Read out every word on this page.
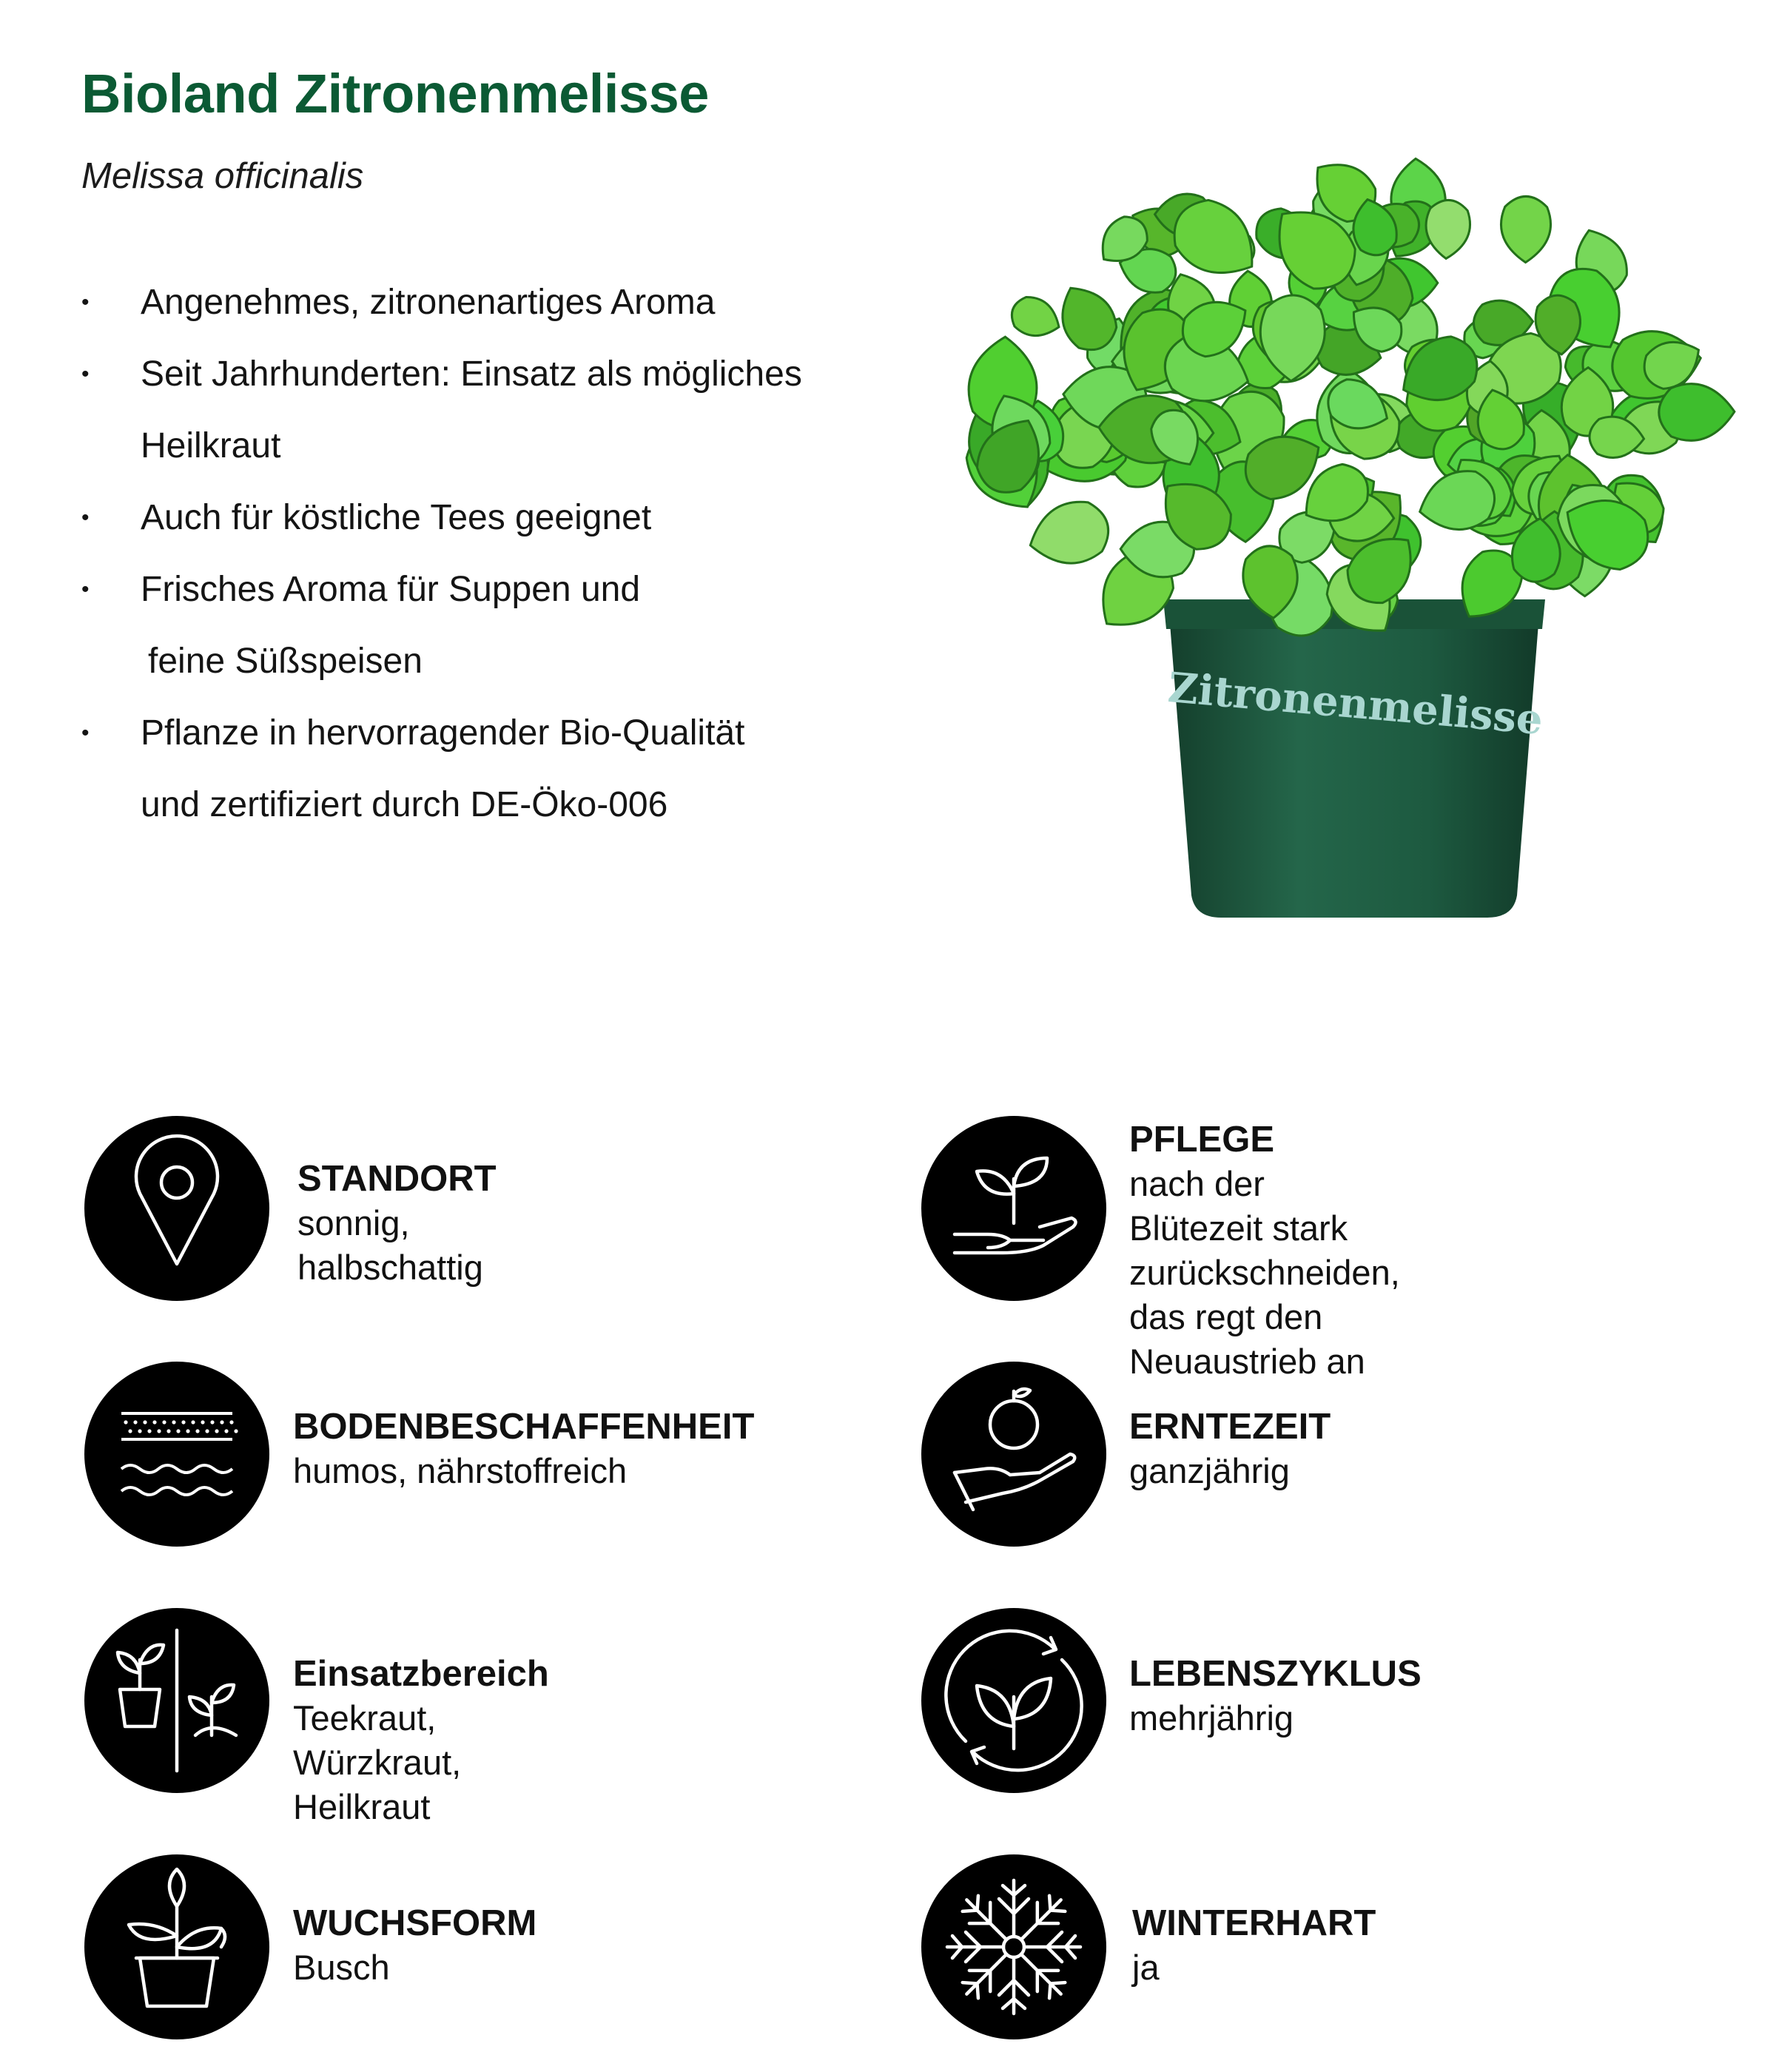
Bioland Zitronenmelisse

Melissa officinalis

•	Angenehmes, zitronenartiges Aroma
•	Seit Jahrhunderten: Einsatz als mögliches
Heilkraut
•	Auch für köstliche Tees geeignet
•	Frisches Aroma für Suppen und
feine Süßspeisen
•	Pflanze in hervorragender Bio-Qualität
und zertifiziert durch DE-Öko-006
Zitronenmelisse
STANDORT
sonnig, halbschattig
BODENBESCHAFFENHEIT
humos, nährstoffreich
Einsatzbereich
Teekraut, Würzkraut, Heilkraut
WUCHSFORM
Busch
PFLEGE
nach der Blütezeit stark
zurückschneiden, das regt den
Neuaustrieb an
ERNTEZEIT
ganzjährig
LEBENSZYKLUS
mehrjährig
WINTERHART
ja
